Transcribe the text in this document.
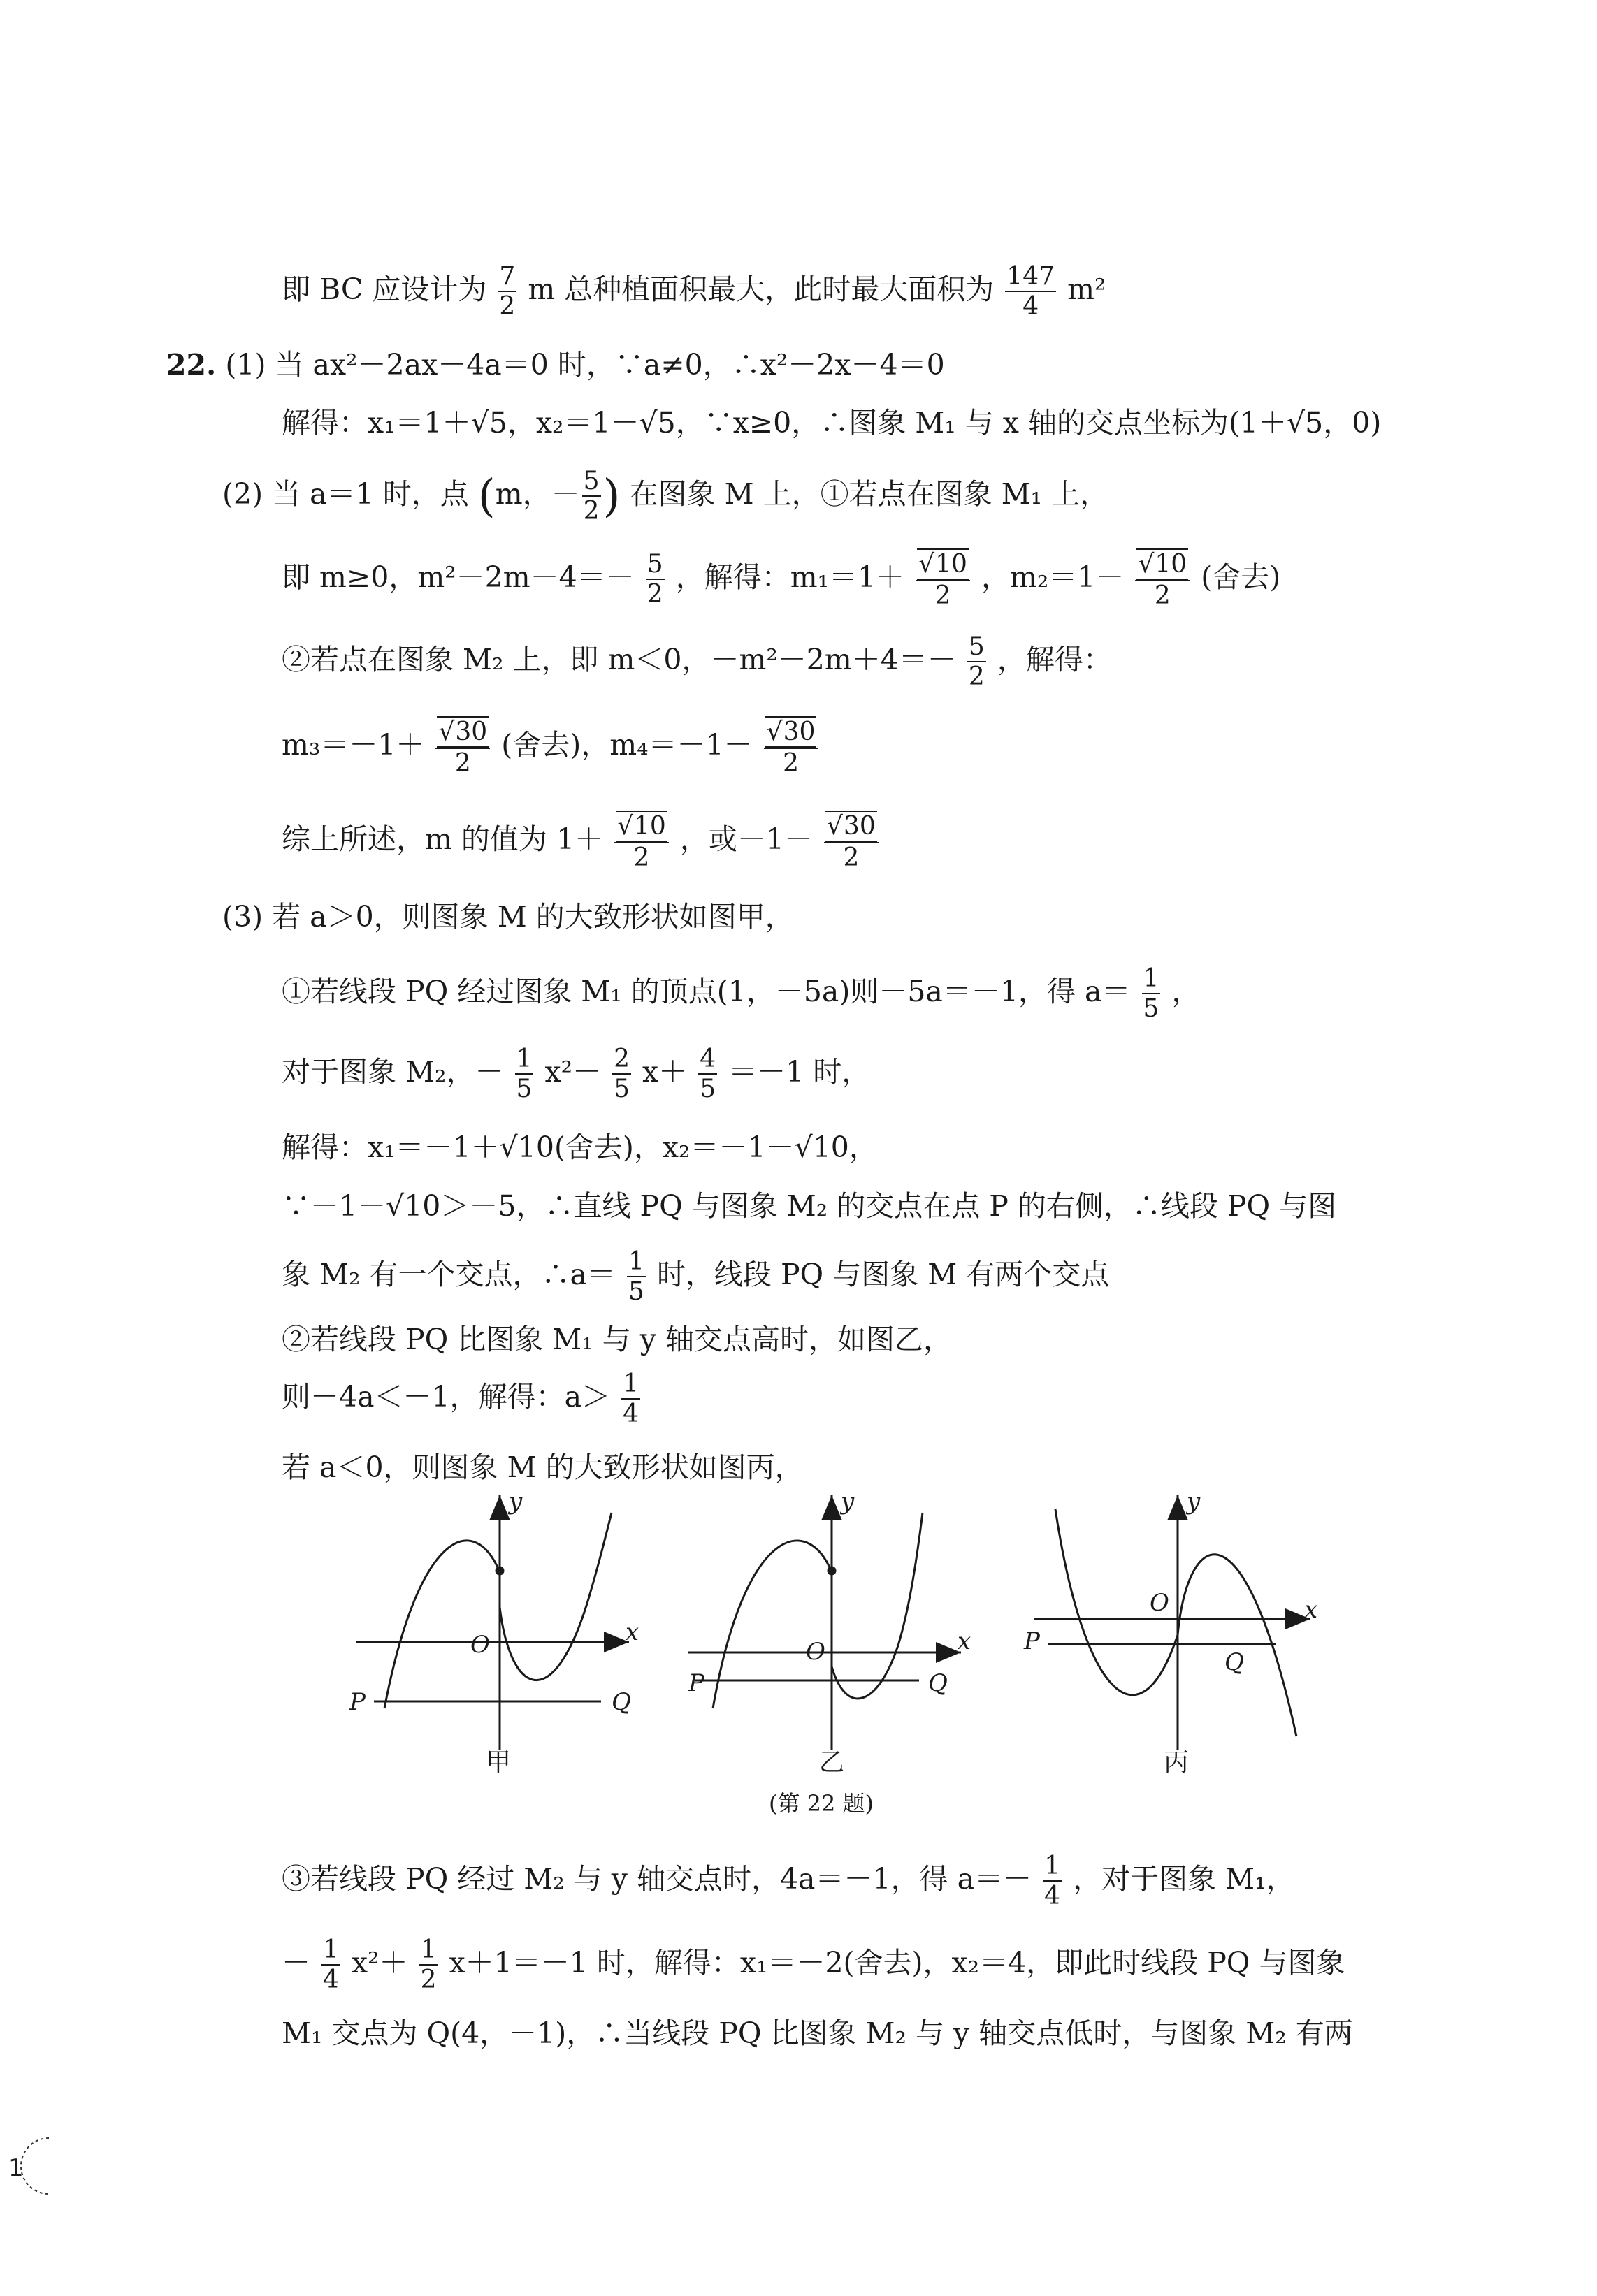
即 BC 应设计为 $\frac{7}{2}$ m 总种植面积最大，此时最大面积为 $\frac{147}{4} m^2$
22. (1) 当 ax²－2ax－4a＝0 时，∵a≠0，∴x²－2x－4＝0
解得：x₁＝1＋√5，x₂＝1－√5，∵x≥0，∴图象 M₁ 与 x 轴的交点坐标为(1＋√5，0)
(2) 当 a＝1 时，点 (m，－ $\frac{5}{2}$ ) 在图象 M 上，①若点在图象 M₁ 上，
即 m≥0，$m^2-2m-4=- \frac{5}{2}$ ，解得：m₁＝1＋ √ $\frac{10}{2}$ ，m₂＝1－ √ $\frac{10}{2}$ (舍去)
②若点在图象 M₂ 上，即 m＜0，$-m^2-2m+4=- \frac{5}{2}$ ，解得：
m₃＝－1＋ √ $\frac{30}{2}$ (舍去)，m₄＝－1－ √ $\frac{30}{2}$
综上所述，m 的值为 1＋ √ $\frac{10}{2}$ ，或－1－ √ $\frac{30}{2}$
(3) 若 a＞0，则图象 M 的大致形状如图甲，
①若线段 PQ 经过图象 M₁ 的顶点(1，－5a)则－5a＝－1，得 $a= \frac{1}{5}$ ，
对于图象 M₂，－ $\frac{1}{5} x^2- \frac{2}{5} x+ \frac{4}{5} =-1$ 时，
解得：x₁＝－1＋√10(舍去)，x₂＝－1－√10，
∵－1－√10＞－5，∴直线 PQ 与图象 M₂ 的交点在点 P 的右侧，∴线段 PQ 与图
象 M₂ 有一个交点，∴a＝ $\frac{1}{5}$ 时，线段 PQ 与图象 M 有两个交点
②若线段 PQ 比图象 M₁ 与 y 轴交点高时，如图乙，
则－4a＜－1，解得：$a> \frac{1}{4}$
若 a＜0，则图象 M 的大致形状如图丙，
y
x
O
P	Q
y
x
O
P	Q
y
x
O
P
Q
甲	乙	丙
(第 22 题)
③若线段 PQ 经过 M₂ 与 y 轴交点时，4a＝－1，得 $a=- \frac{1}{4}$ ，对于图象 M₁，
－ $\frac{1}{4} x^2+ \frac{1}{2} x+1=-1$ 时，解得：x₁＝－2(舍去)，x₂＝4，即此时线段 PQ 与图象
M₁ 交点为 Q(4，－1)，∴当线段 PQ 比图象 M₂ 与 y 轴交点低时，与图象 M₂ 有两
1
